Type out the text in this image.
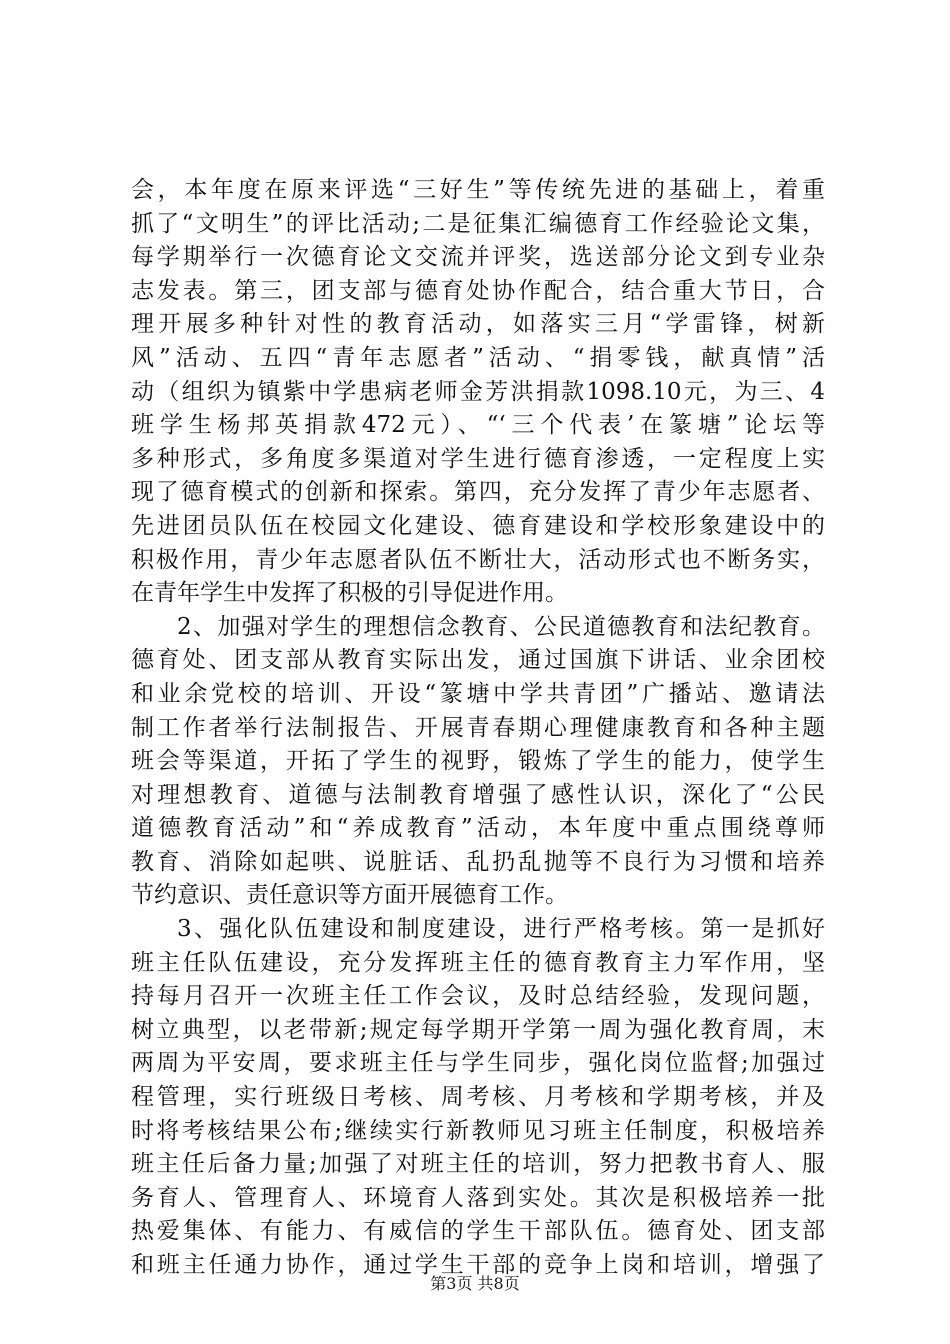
会，本年度在原来评选“三好生”等传统先进的基础上，着重
抓了“文明生”的评比活动;二是征集汇编德育工作经验论文集，
每学期举行一次德育论文交流并评奖，选送部分论文到专业杂
志发表。第三，团支部与德育处协作配合，结合重大节日，合
理开展多种针对性的教育活动，如落实三月“学雷锋，树新
风”活动、五四“青年志愿者”活动、“捐零钱，献真情”活
动（组织为镇紫中学患病老师金芳洪捐款1098.10元，为三、4
班学生杨邦英捐款472元）、“‘三个代表’在篆塘”论坛等
多种形式，多角度多渠道对学生进行德育渗透，一定程度上实
现了德育模式的创新和探索。第四，充分发挥了青少年志愿者、
先进团员队伍在校园文化建设、德育建设和学校形象建设中的
积极作用，青少年志愿者队伍不断壮大，活动形式也不断务实，
在青年学生中发挥了积极的引导促进作用。
2、加强对学生的理想信念教育、公民道德教育和法纪教育。
德育处、团支部从教育实际出发，通过国旗下讲话、业余团校
和业余党校的培训、开设“篆塘中学共青团”广播站、邀请法
制工作者举行法制报告、开展青春期心理健康教育和各种主题
班会等渠道，开拓了学生的视野，锻炼了学生的能力，使学生
对理想教育、道德与法制教育增强了感性认识，深化了“公民
道德教育活动”和“养成教育”活动，本年度中重点围绕尊师
教育、消除如起哄、说脏话、乱扔乱抛等不良行为习惯和培养
节约意识、责任意识等方面开展德育工作。
3、强化队伍建设和制度建设，进行严格考核。第一是抓好
班主任队伍建设，充分发挥班主任的德育教育主力军作用，坚
持每月召开一次班主任工作会议，及时总结经验，发现问题，
树立典型，以老带新;规定每学期开学第一周为强化教育周，末
两周为平安周，要求班主任与学生同步，强化岗位监督;加强过
程管理，实行班级日考核、周考核、月考核和学期考核，并及
时将考核结果公布;继续实行新教师见习班主任制度，积极培养
班主任后备力量;加强了对班主任的培训，努力把教书育人、服
务育人、管理育人、环境育人落到实处。其次是积极培养一批
热爱集体、有能力、有威信的学生干部队伍。德育处、团支部
和班主任通力协作，通过学生干部的竞争上岗和培训，增强了
第3页 共8页
